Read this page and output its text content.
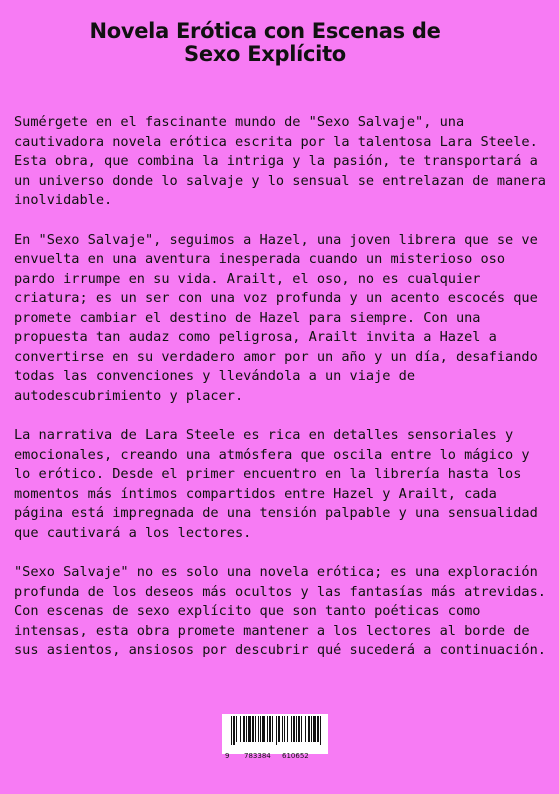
Novela Erótica con Escenas de
Sexo Explícito

Sumérgete en el fascinante mundo de "Sexo Salvaje", una cautivadora novela erótica escrita por la talentosa Lara Steele. Esta obra, que combina la intriga y la pasión, te transportará a un universo donde lo salvaje y lo sensual se entrelazan de manera inolvidable.

En "Sexo Salvaje", seguimos a Hazel, una joven librera que se ve envuelta en una aventura inesperada cuando un misterioso oso pardo irrumpe en su vida. Arailt, el oso, no es cualquier criatura; es un ser con una voz profunda y un acento escocés que promete cambiar el destino de Hazel para siempre. Con una propuesta tan audaz como peligrosa, Arailt invita a Hazel a convertirse en su verdadero amor por un año y un día, desafiando todas las convenciones y llevándola a un viaje de autodescubrimiento y placer.

La narrativa de Lara Steele es rica en detalles sensoriales y emocionales, creando una atmósfera que oscila entre lo mágico y lo erótico. Desde el primer encuentro en la librería hasta los momentos más íntimos compartidos entre Hazel y Arailt, cada página está impregnada de una tensión palpable y una sensualidad que cautivará a los lectores.

"Sexo Salvaje" no es solo una novela erótica; es una exploración profunda de los deseos más ocultos y las fantasías más atrevidas. Con escenas de sexo explícito que son tanto poéticas como intensas, esta obra promete mantener a los lectores al borde de sus asientos, ansiosos por descubrir qué sucederá a continuación.

9 783384 610652
